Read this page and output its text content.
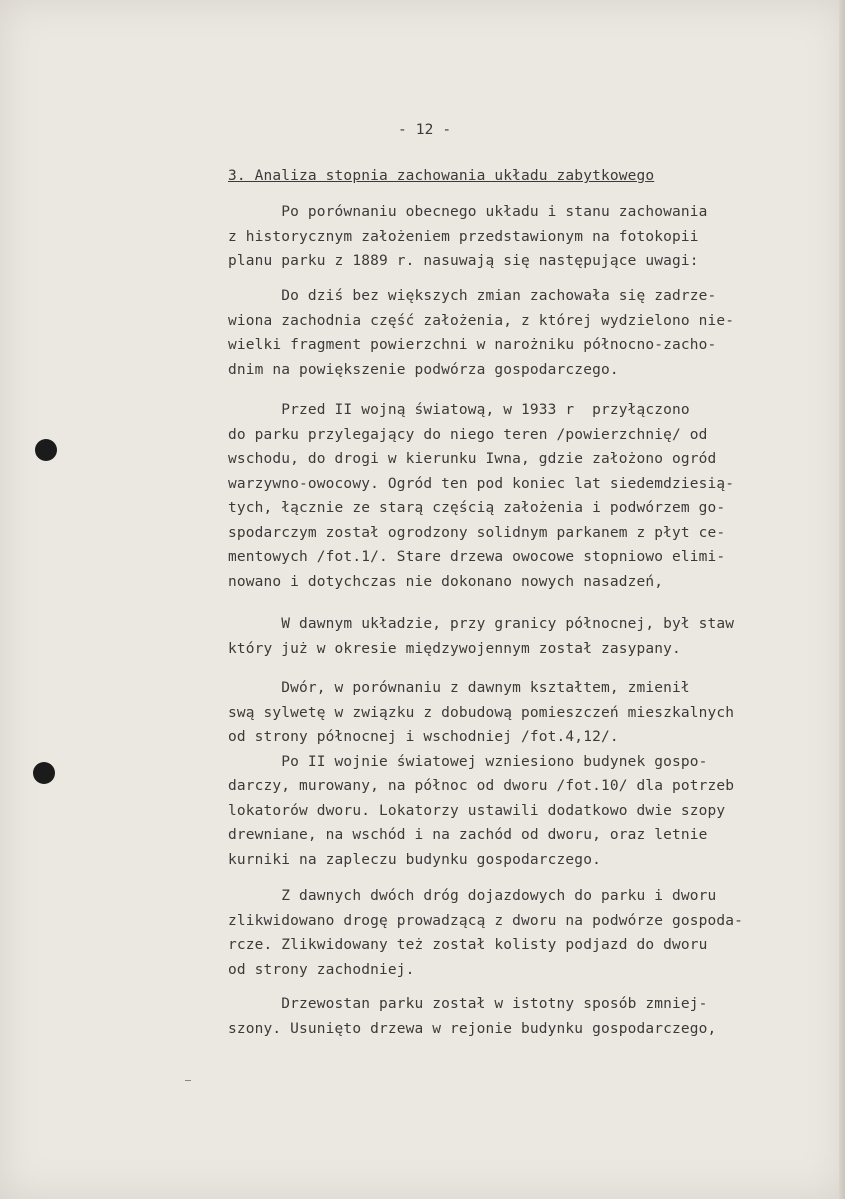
- 12 -
3. Analiza stopnia zachowania układu zabytkowego
Po porównaniu obecnego układu i stanu zachowania
z historycznym założeniem przedstawionym na fotokopii
planu parku z 1889 r. nasuwają się następujące uwagi:
Do dziś bez większych zmian zachowała się zadrze-
wiona zachodnia część założenia, z której wydzielono nie-
wielki fragment powierzchni w narożniku północno-zacho-
dnim na powiększenie podwórza gospodarczego.
Przed II wojną światową, w 1933 r  przyłączono
do parku przylegający do niego teren /powierzchnię/ od
wschodu, do drogi w kierunku Iwna, gdzie założono ogród
warzywno-owocowy. Ogród ten pod koniec lat siedemdziesią-
tych, łącznie ze starą częścią założenia i podwórzem go-
spodarczym został ogrodzony solidnym parkanem z płyt ce-
mentowych /fot.1/. Stare drzewa owocowe stopniowo elimi-
nowano i dotychczas nie dokonano nowych nasadzeń,
W dawnym układzie, przy granicy północnej, był staw
który już w okresie międzywojennym został zasypany.
Dwór, w porównaniu z dawnym kształtem, zmienił
swą sylwetę w związku z dobudową pomieszczeń mieszkalnych
od strony północnej i wschodniej /fot.4,12/.
Po II wojnie światowej wzniesiono budynek gospo-
darczy, murowany, na północ od dworu /fot.10/ dla potrzeb
lokatorów dworu. Lokatorzy ustawili dodatkowo dwie szopy
drewniane, na wschód i na zachód od dworu, oraz letnie
kurniki na zapleczu budynku gospodarczego.
Z dawnych dwóch dróg dojazdowych do parku i dworu
zlikwidowano drogę prowadzącą z dworu na podwórze gospoda-
rcze. Zlikwidowany też został kolisty podjazd do dworu
od strony zachodniej.
Drzewostan parku został w istotny sposób zmniej-
szony. Usunięto drzewa w rejonie budynku gospodarczego,
